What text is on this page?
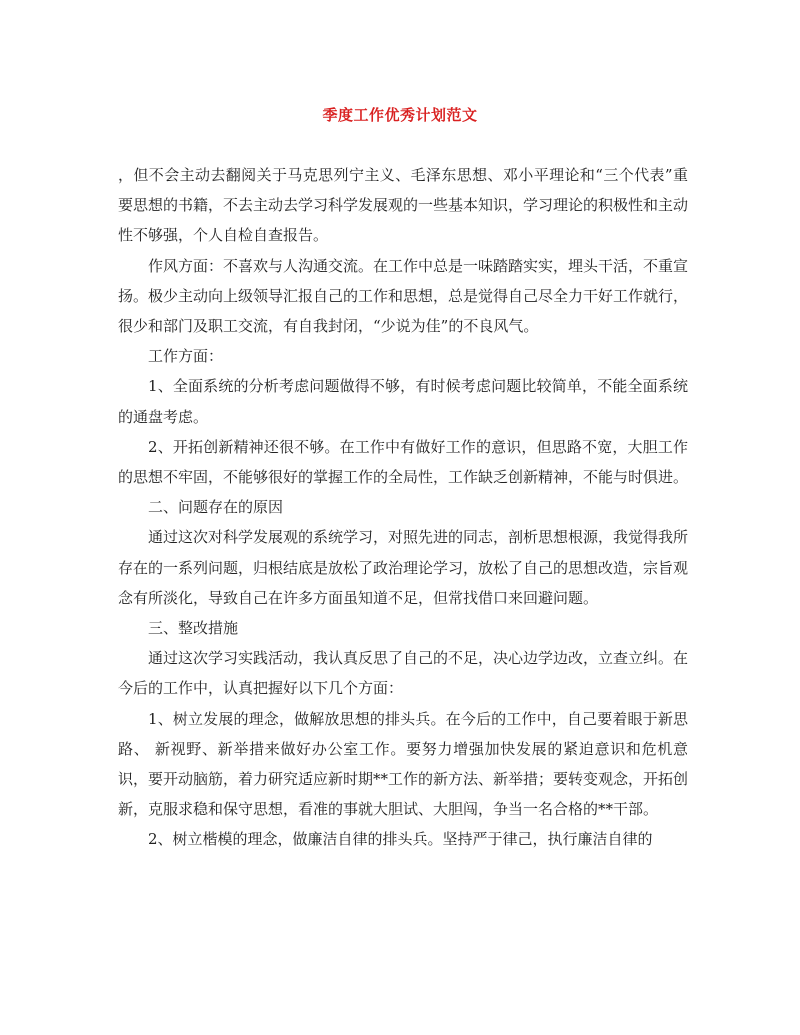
季度工作优秀计划范文

，但不会主动去翻阅关于马克思列宁主义、毛泽东思想、邓小平理论和“三个代表”重要思想的书籍，不去主动去学习科学发展观的一些基本知识，学习理论的积极性和主动性不够强，个人自检自查报告。

作风方面：不喜欢与人沟通交流。在工作中总是一味踏踏实实，埋头干活，不重宣扬。极少主动向上级领导汇报自己的工作和思想，总是觉得自己尽全力干好工作就行，很少和部门及职工交流，有自我封闭，“少说为佳”的不良风气。

工作方面：

1、全面系统的分析考虑问题做得不够，有时候考虑问题比较简单，不能全面系统的通盘考虑。

2、开拓创新精神还很不够。在工作中有做好工作的意识，但思路不宽，大胆工作的思想不牢固，不能够很好的掌握工作的全局性，工作缺乏创新精神，不能与时俱进。

二、问题存在的原因

通过这次对科学发展观的系统学习，对照先进的同志，剖析思想根源，我觉得我所存在的一系列问题，归根结底是放松了政治理论学习，放松了自己的思想改造，宗旨观念有所淡化，导致自己在许多方面虽知道不足，但常找借口来回避问题。

三、整改措施

通过这次学习实践活动，我认真反思了自己的不足，决心边学边改，立查立纠。在今后的工作中，认真把握好以下几个方面：

1、树立发展的理念，做解放思想的排头兵。在今后的工作中，自己要着眼于新思路、 新视野、新举措来做好办公室工作。要努力增强加快发展的紧迫意识和危机意识，要开动脑筋，着力研究适应新时期**工作的新方法、新举措；要转变观念，开拓创新，克服求稳和保守思想，看准的事就大胆试、大胆闯，争当一名合格的**干部。

2、树立楷模的理念，做廉洁自律的排头兵。坚持严于律己，执行廉洁自律的
